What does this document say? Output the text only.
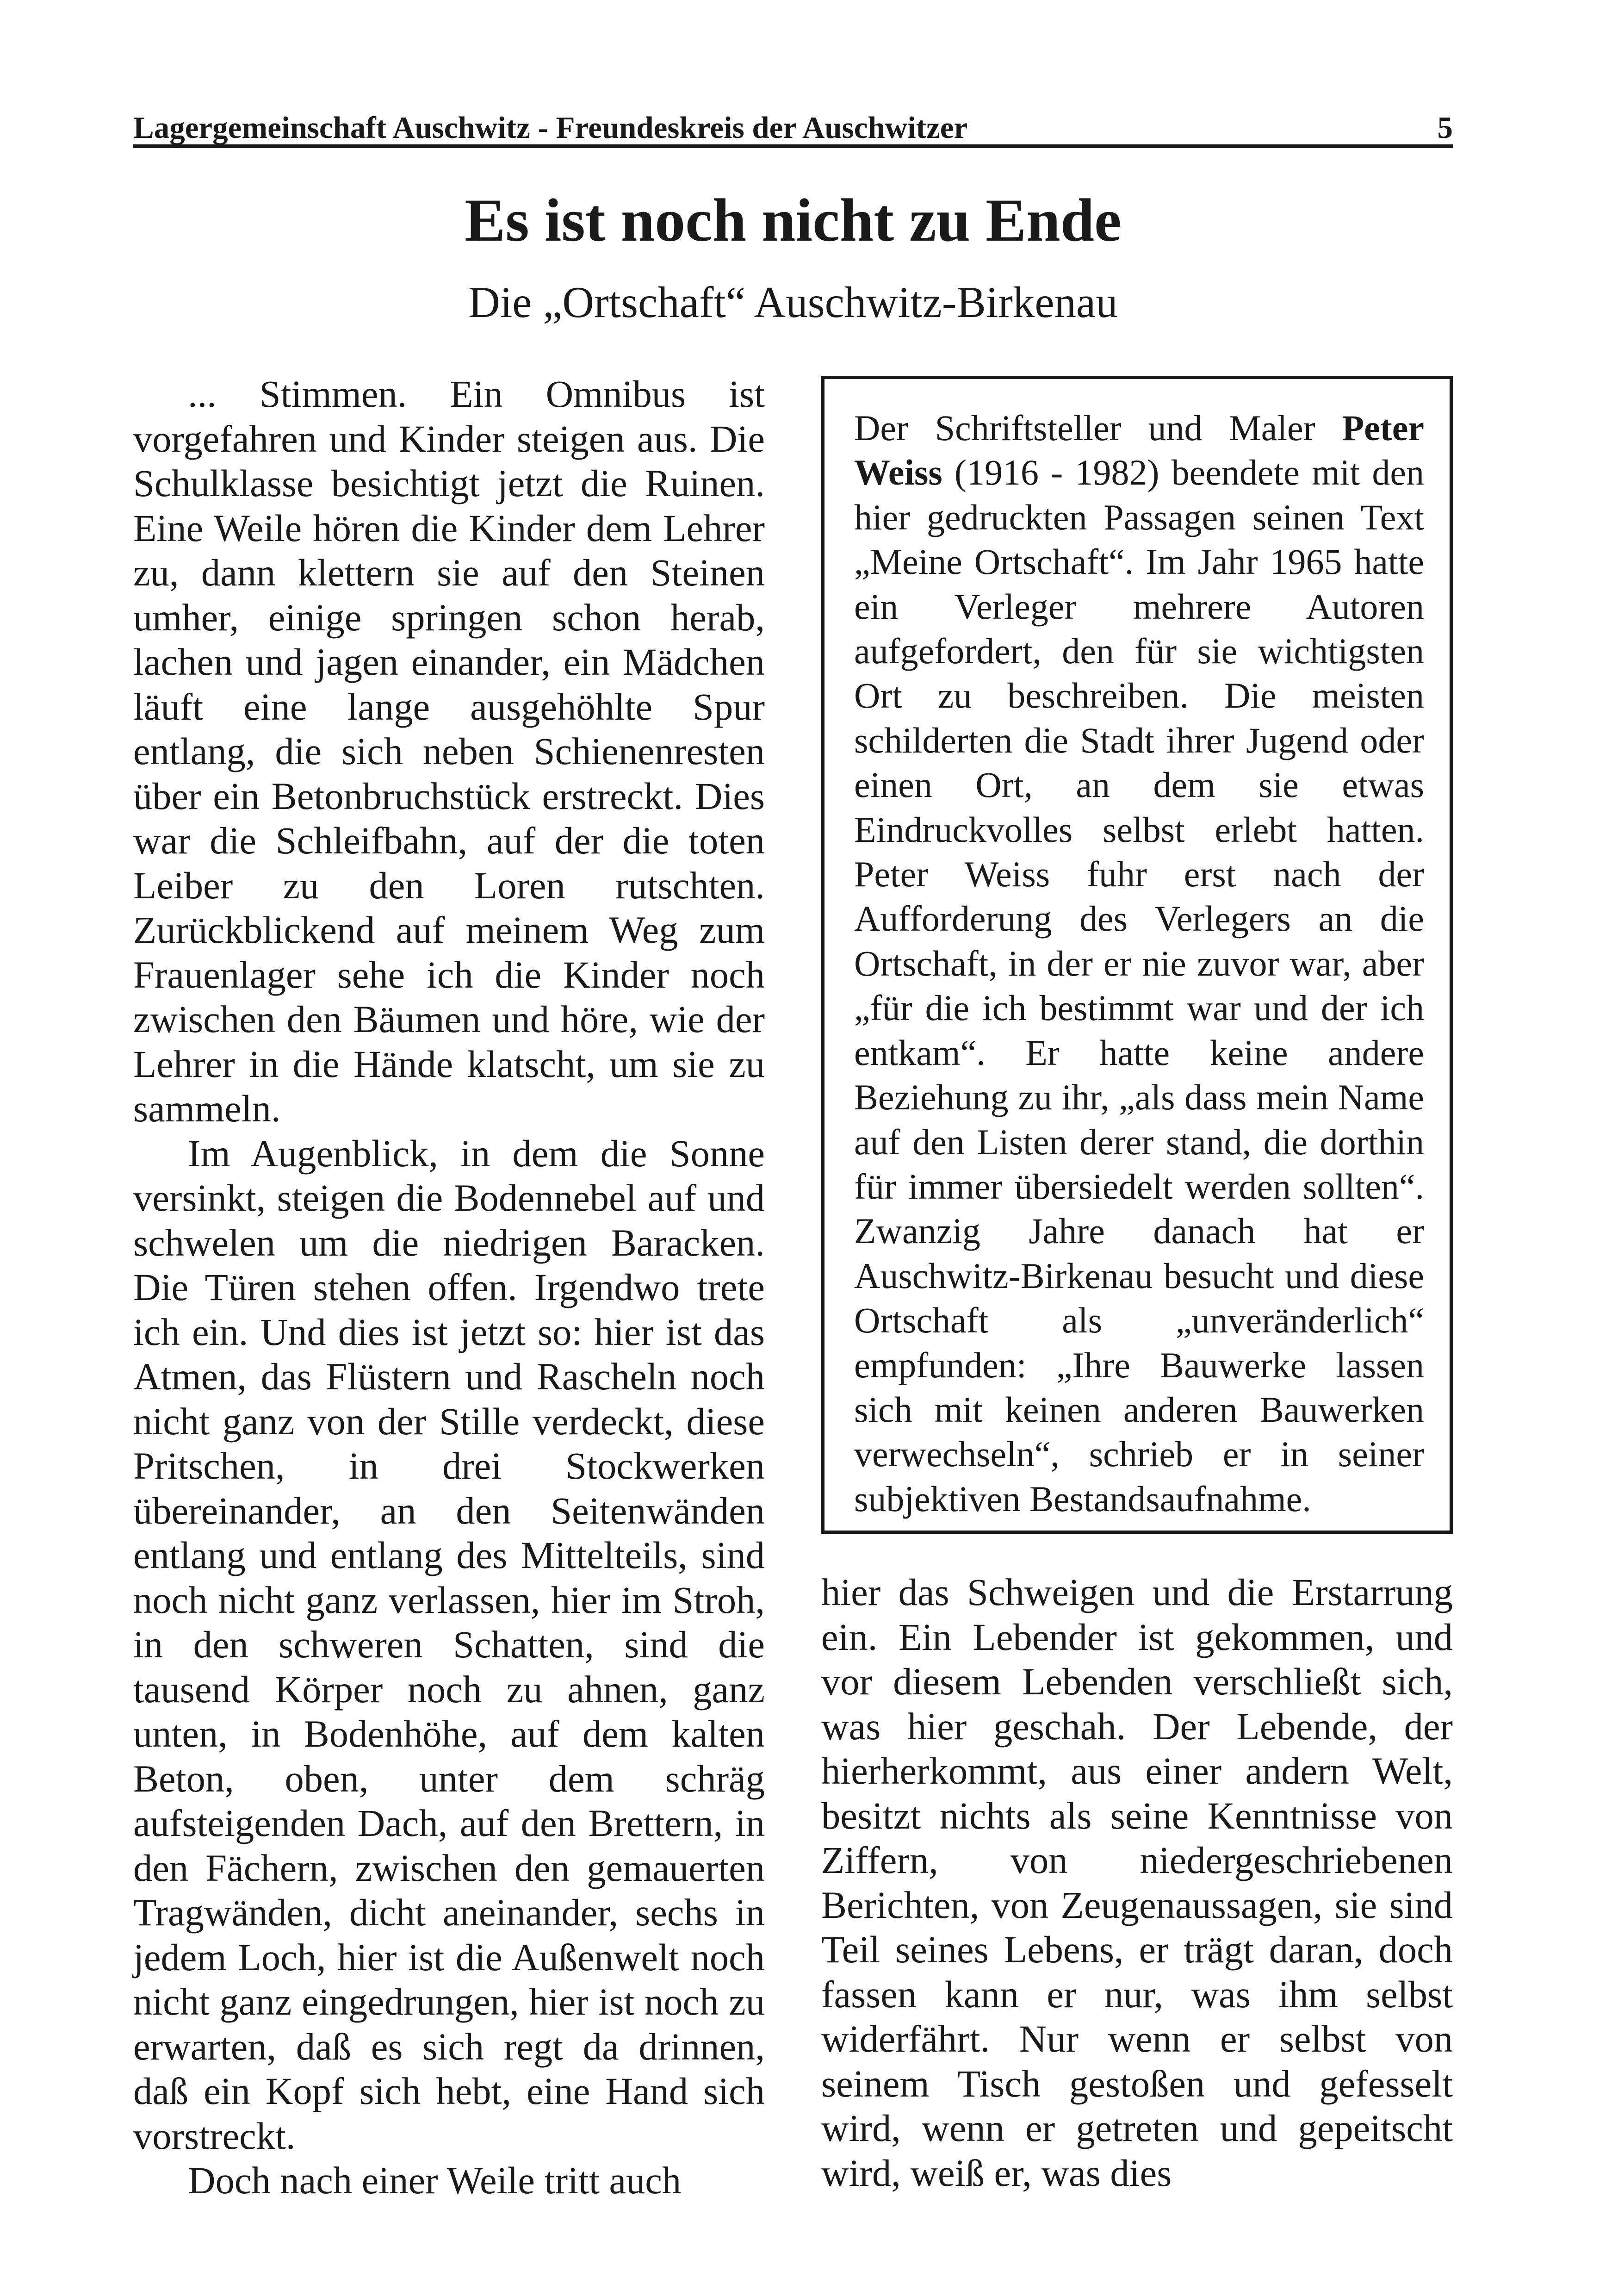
Lagergemeinschaft Auschwitz - Freundeskreis der Auschwitzer	5
Es ist noch nicht zu Ende
Die „Ortschaft“ Auschwitz-Birkenau

... Stimmen. Ein Omnibus ist vorgefahren und Kinder steigen aus. Die Schulklasse besichtigt jetzt die Ruinen. Eine Weile hören die Kinder dem Lehrer zu, dann klettern sie auf den Steinen umher, einige springen schon herab, lachen und jagen einander, ein Mädchen läuft eine lange ausgehöhlte Spur entlang, die sich neben Schienenresten über ein Betonbruchstück erstreckt. Dies war die Schleifbahn, auf der die toten Leiber zu den Loren rutschten. Zurückblickend auf meinem Weg zum Frauenlager sehe ich die Kinder noch zwischen den Bäumen und höre, wie der Lehrer in die Hände klatscht, um sie zu sammeln.

Im Augenblick, in dem die Sonne versinkt, steigen die Bodennebel auf und schwelen um die niedrigen Baracken. Die Türen stehen offen. Irgendwo trete ich ein. Und dies ist jetzt so: hier ist das Atmen, das Flüstern und Rascheln noch nicht ganz von der Stille verdeckt, diese Pritschen, in drei Stockwerken übereinander, an den Seitenwänden entlang und entlang des Mittelteils, sind noch nicht ganz verlassen, hier im Stroh, in den schweren Schatten, sind die tausend Körper noch zu ahnen, ganz unten, in Bodenhöhe, auf dem kalten Beton, oben, unter dem schräg aufsteigenden Dach, auf den Brettern, in den Fächern, zwischen den gemauerten Tragwänden, dicht aneinander, sechs in jedem Loch, hier ist die Außenwelt noch nicht ganz eingedrungen, hier ist noch zu erwarten, daß es sich regt da drinnen, daß ein Kopf sich hebt, eine Hand sich vorstreckt.

Doch nach einer Weile tritt auch

Der Schriftsteller und Maler Peter Weiss (1916 - 1982) beendete mit den hier gedruckten Passagen seinen Text „Meine Ortschaft“. Im Jahr 1965 hatte ein Verleger mehrere Autoren aufgefordert, den für sie wichtigsten Ort zu beschreiben. Die meisten schilderten die Stadt ihrer Jugend oder einen Ort, an dem sie etwas Eindruckvolles selbst erlebt hatten. Peter Weiss fuhr erst nach der Aufforderung des Verlegers an die Ortschaft, in der er nie zuvor war, aber „für die ich bestimmt war und der ich entkam“. Er hatte keine andere Beziehung zu ihr, „als dass mein Name auf den Listen derer stand, die dorthin für immer übersiedelt werden sollten“. Zwanzig Jahre danach hat er Auschwitz-Birkenau besucht und diese Ortschaft als „unveränderlich“ empfunden: „Ihre Bauwerke lassen sich mit keinen anderen Bauwerken verwechseln“, schrieb er in seiner subjektiven Bestandsaufnahme.

hier das Schweigen und die Erstarrung ein. Ein Lebender ist gekommen, und vor diesem Lebenden verschließt sich, was hier geschah. Der Lebende, der hierherkommt, aus einer andern Welt, besitzt nichts als seine Kenntnisse von Ziffern, von niedergeschriebenen Berichten, von Zeugenaussagen, sie sind Teil seines Lebens, er trägt daran, doch fassen kann er nur, was ihm selbst widerfährt. Nur wenn er selbst von seinem Tisch gestoßen und gefesselt wird, wenn er getreten und gepeitscht wird, weiß er, was dies
